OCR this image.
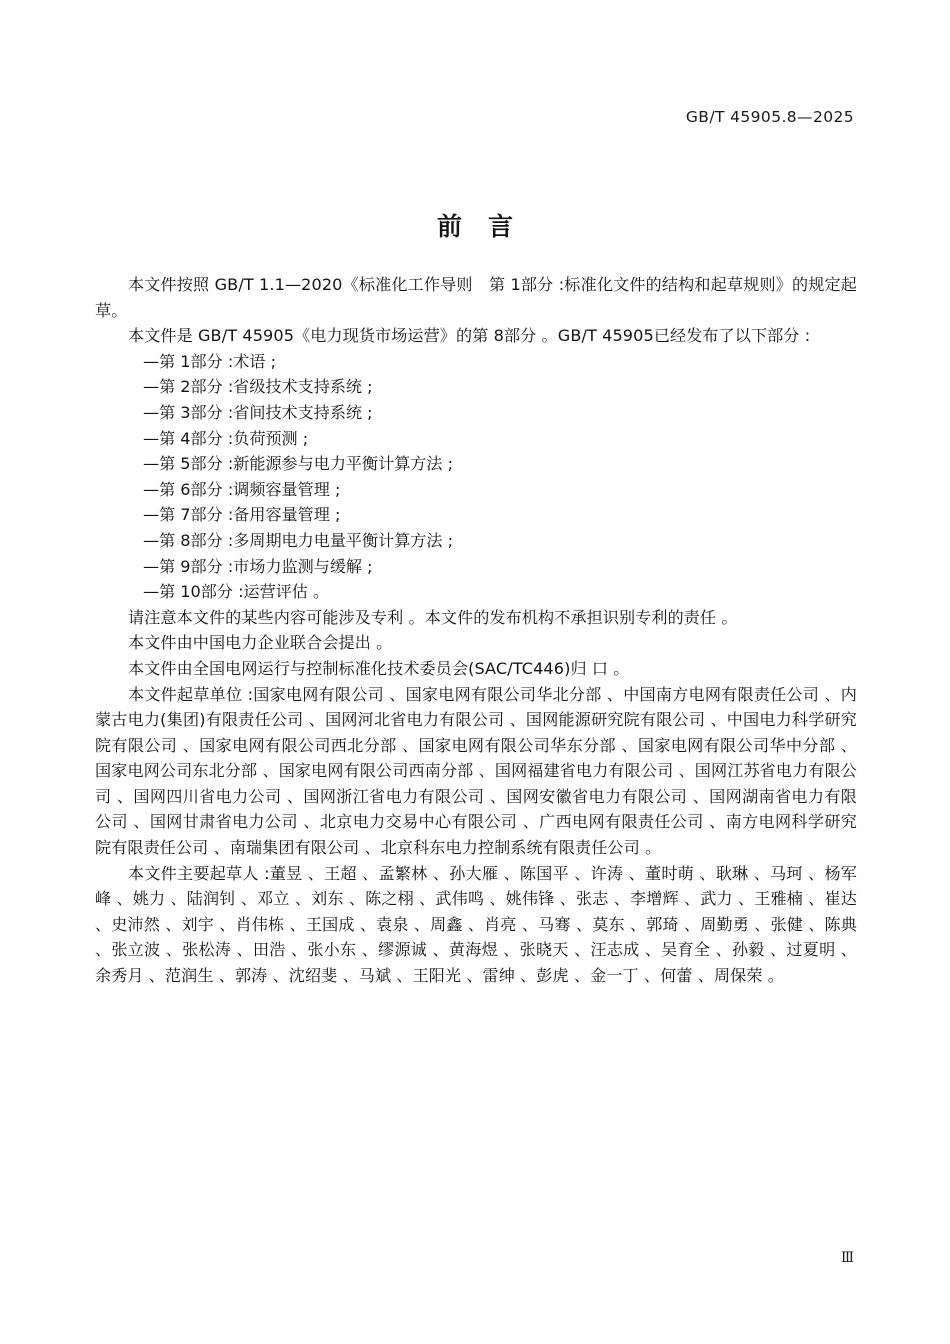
GB/T 45905.8—2025
前言

本文件按照 GB/T 1.1—2020《标准化工作导则　第 1部分 :标准化文件的结构和起草规则》的规定起草。

本文件是 GB/T 45905《电力现货市场运营》的第 8部分 。GB/T 45905已经发布了以下部分 :

—第 1部分 :术语 ;
—第 2部分 :省级技术支持系统 ;
—第 3部分 :省间技术支持系统 ;
—第 4部分 :负荷预测 ;
—第 5部分 :新能源参与电力平衡计算方法 ;
—第 6部分 :调频容量管理 ;
—第 7部分 :备用容量管理 ;
—第 8部分 :多周期电力电量平衡计算方法 ;
—第 9部分 :市场力监测与缓解 ;
—第 10部分 :运营评估 。

请注意本文件的某些内容可能涉及专利 。本文件的发布机构不承担识别专利的责任 。

本文件由中国电力企业联合会提出 。

本文件由全国电网运行与控制标准化技术委员会(SAC/TC446)归 口 。

本文件起草单位 :国家电网有限公司 、国家电网有限公司华北分部 、中国南方电网有限责任公司 、内蒙古电力(集团)有限责任公司 、国网河北省电力有限公司 、国网能源研究院有限公司 、中国电力科学研究院有限公司 、国家电网有限公司西北分部 、国家电网有限公司华东分部 、国家电网有限公司华中分部 、国家电网公司东北分部 、国家电网有限公司西南分部 、国网福建省电力有限公司 、国网江苏省电力有限公司 、国网四川省电力公司 、国网浙江省电力有限公司 、国网安徽省电力有限公司 、国网湖南省电力有限公司 、国网甘肃省电力公司 、北京电力交易中心有限公司 、广西电网有限责任公司 、南方电网科学研究院有限责任公司 、南瑞集团有限公司 、北京科东电力控制系统有限责任公司 。

本文件主要起草人 :董昱 、王超 、孟繁林 、孙大雁 、陈国平 、许涛 、董时萌 、耿琳 、马珂 、杨军峰 、姚力 、陆润钊 、邓立 、刘东 、陈之栩 、武伟鸣 、姚伟锋 、张志 、李增辉 、武力 、王雅楠 、崔达 、史沛然 、刘宇 、肖伟栋 、王国成 、袁泉 、周鑫 、肖亮 、马骞 、莫东 、郭琦 、周勤勇 、张健 、陈典 、张立波 、张松涛 、田浩 、张小东 、缪源诚 、黄海煜 、张晓天 、汪志成 、吴育全 、孙毅 、过夏明 、余秀月 、范润生 、郭涛 、沈绍斐 、马斌 、王阳光 、雷绅 、彭虎 、金一丁 、何蕾 、周保荣 。

Ⅲ
